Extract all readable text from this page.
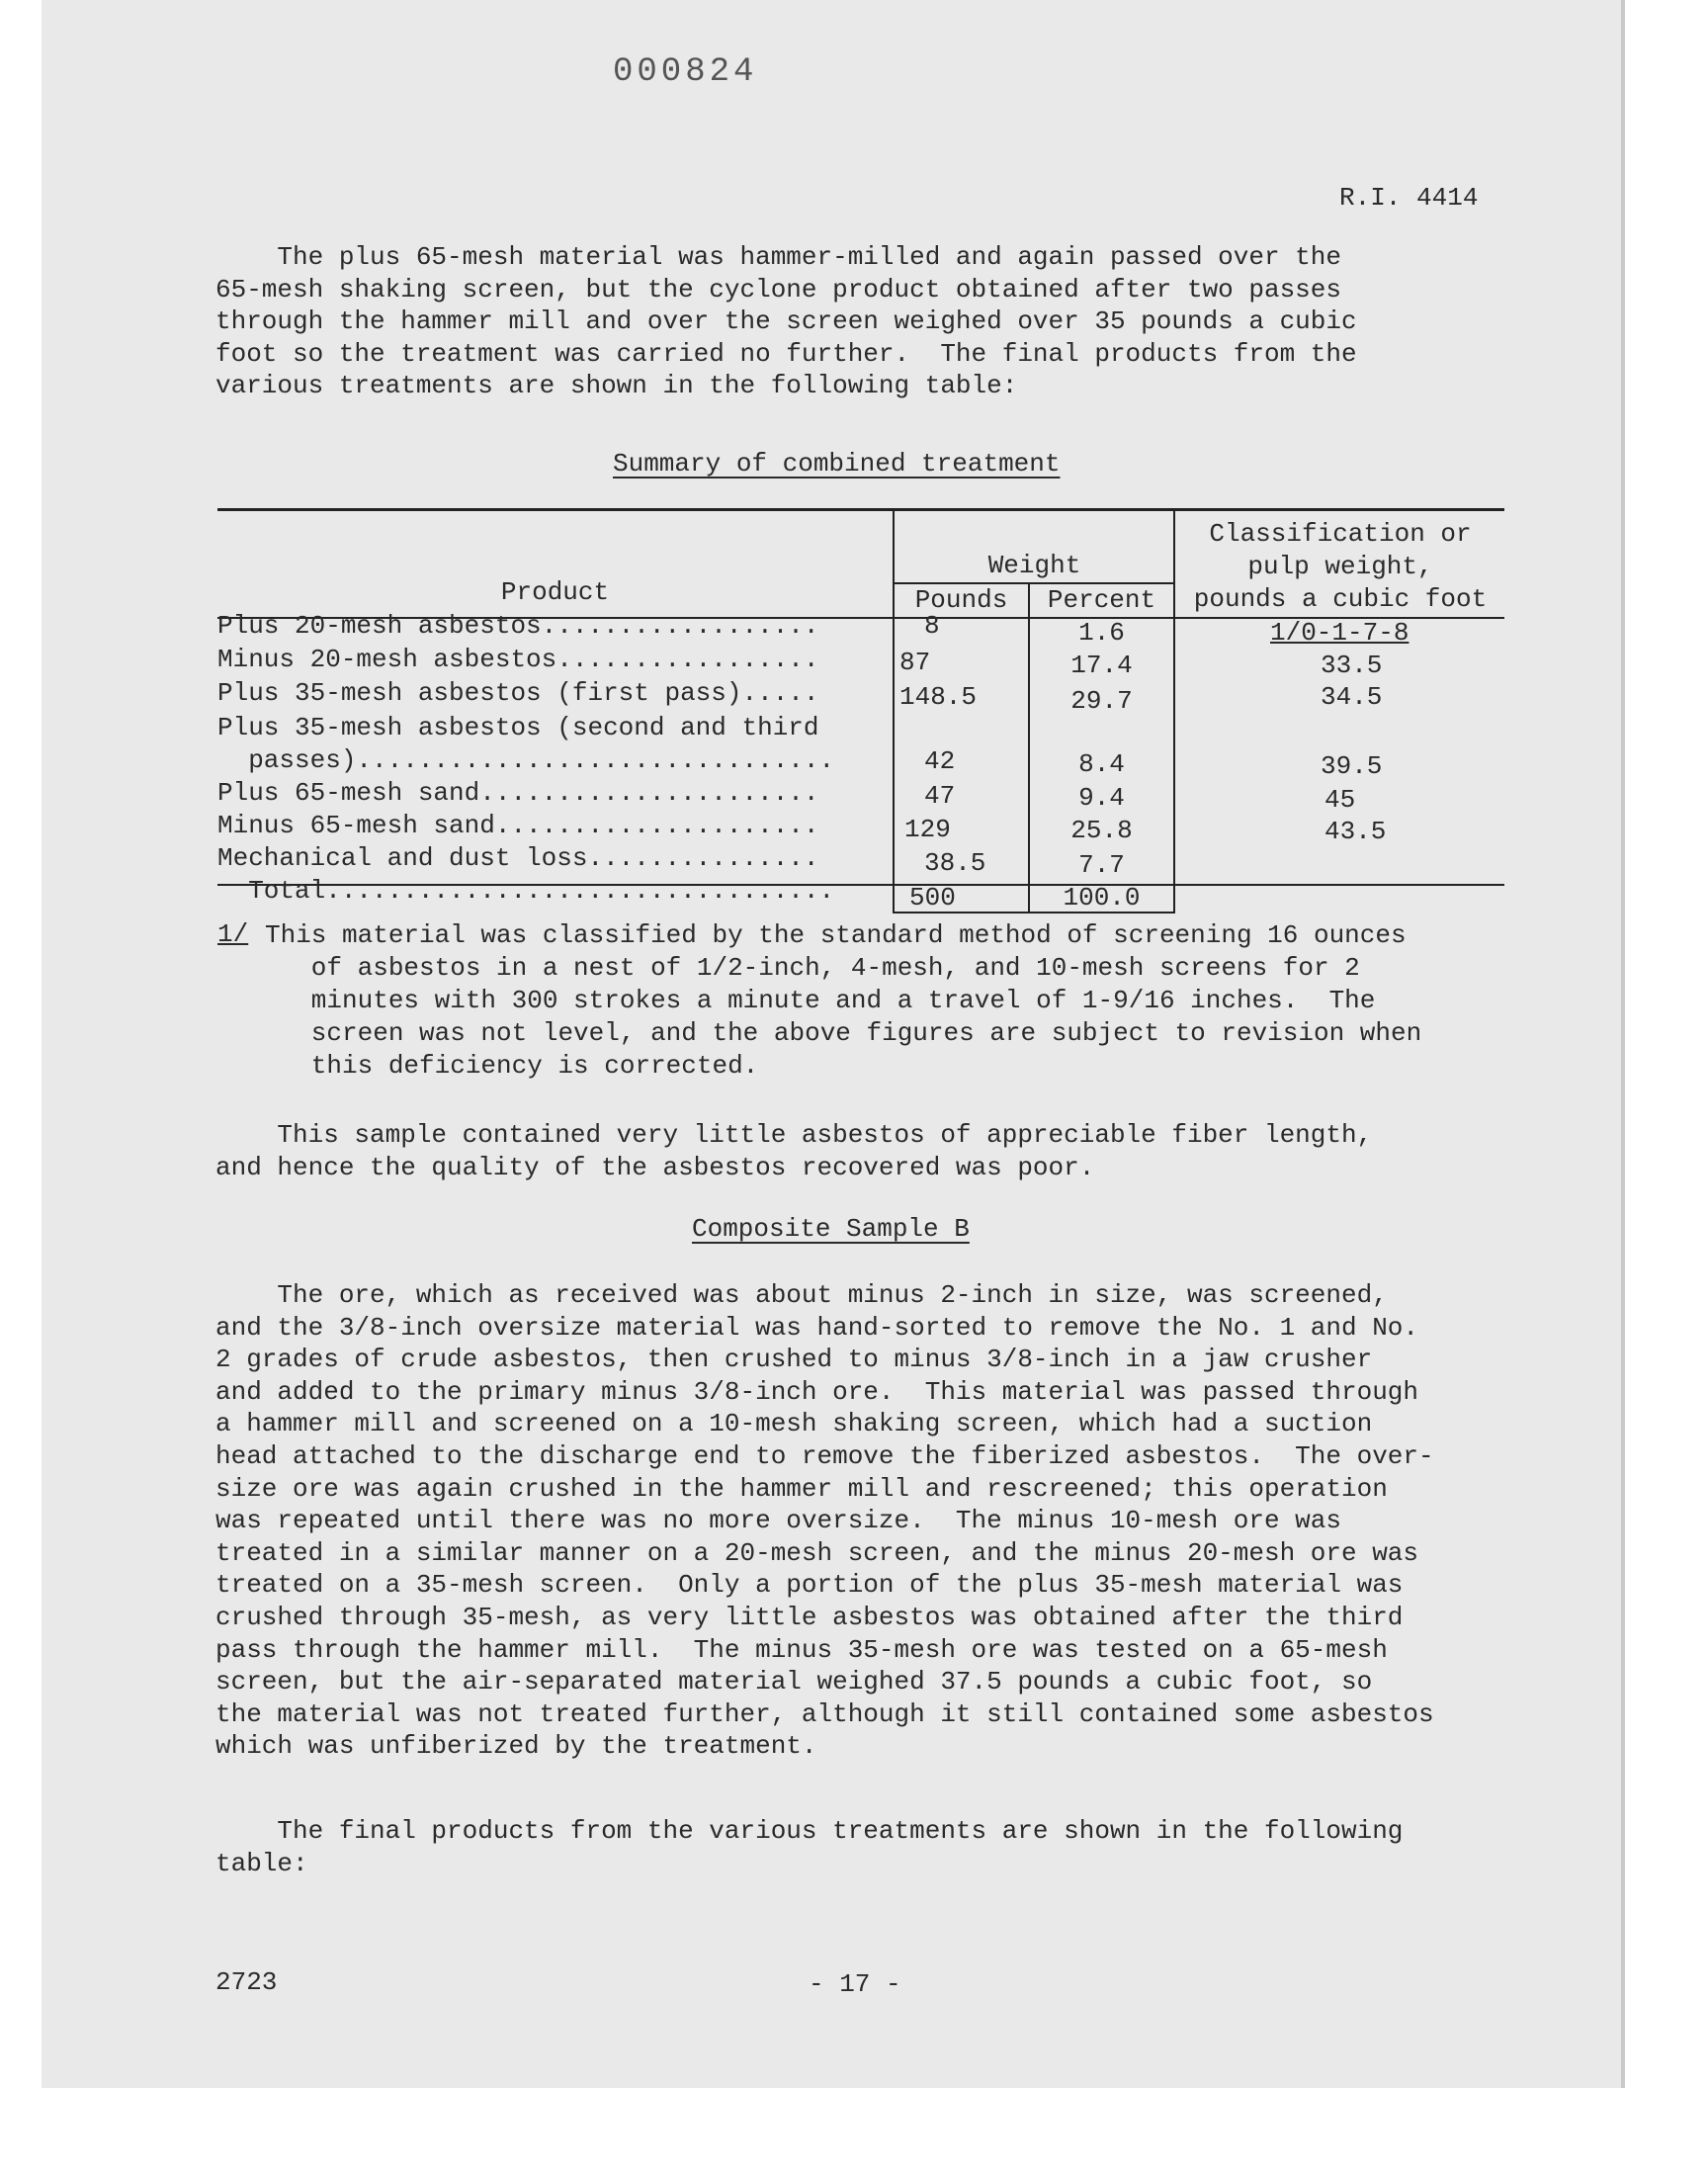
000824
R.I. 4414
The plus 65-mesh material was hammer-milled and again passed over the
65-mesh shaking screen, but the cyclone product obtained after two passes
through the hammer mill and over the screen weighed over 35 pounds a cubic
foot so the treatment was carried no further.  The final products from the
various treatments are shown in the following table:
Summary of combined treatment
Product
Weight
Pounds	Percent
Classification or
pulp weight,
pounds a cubic foot
Plus 20-mesh asbestos..................	8	1.6	1/0-1-7-8
Minus 20-mesh asbestos.................	87	17.4	33.5
Plus 35-mesh asbestos (first pass).....	148.5	29.7	34.5
Plus 35-mesh asbestos (second and third
passes)...............................	42	8.4	39.5
Plus 65-mesh sand......................	47	9.4	45
Minus 65-mesh sand.....................	129	25.8	43.5
Mechanical and dust loss...............	38.5	7.7
Total.................................	500	100.0
1/ This material was classified by the standard method of screening 16 ounces
of asbestos in a nest of 1/2-inch, 4-mesh, and 10-mesh screens for 2
minutes with 300 strokes a minute and a travel of 1-9/16 inches.  The
screen was not level, and the above figures are subject to revision when
this deficiency is corrected.
This sample contained very little asbestos of appreciable fiber length,
and hence the quality of the asbestos recovered was poor.
Composite Sample B
The ore, which as received was about minus 2-inch in size, was screened,
and the 3/8-inch oversize material was hand-sorted to remove the No. 1 and No.
2 grades of crude asbestos, then crushed to minus 3/8-inch in a jaw crusher
and added to the primary minus 3/8-inch ore.  This material was passed through
a hammer mill and screened on a 10-mesh shaking screen, which had a suction
head attached to the discharge end to remove the fiberized asbestos.  The over-
size ore was again crushed in the hammer mill and rescreened; this operation
was repeated until there was no more oversize.  The minus 10-mesh ore was
treated in a similar manner on a 20-mesh screen, and the minus 20-mesh ore was
treated on a 35-mesh screen.  Only a portion of the plus 35-mesh material was
crushed through 35-mesh, as very little asbestos was obtained after the third
pass through the hammer mill.  The minus 35-mesh ore was tested on a 65-mesh
screen, but the air-separated material weighed 37.5 pounds a cubic foot, so
the material was not treated further, although it still contained some asbestos
which was unfiberized by the treatment.
The final products from the various treatments are shown in the following
table:
2723	- 17 -
